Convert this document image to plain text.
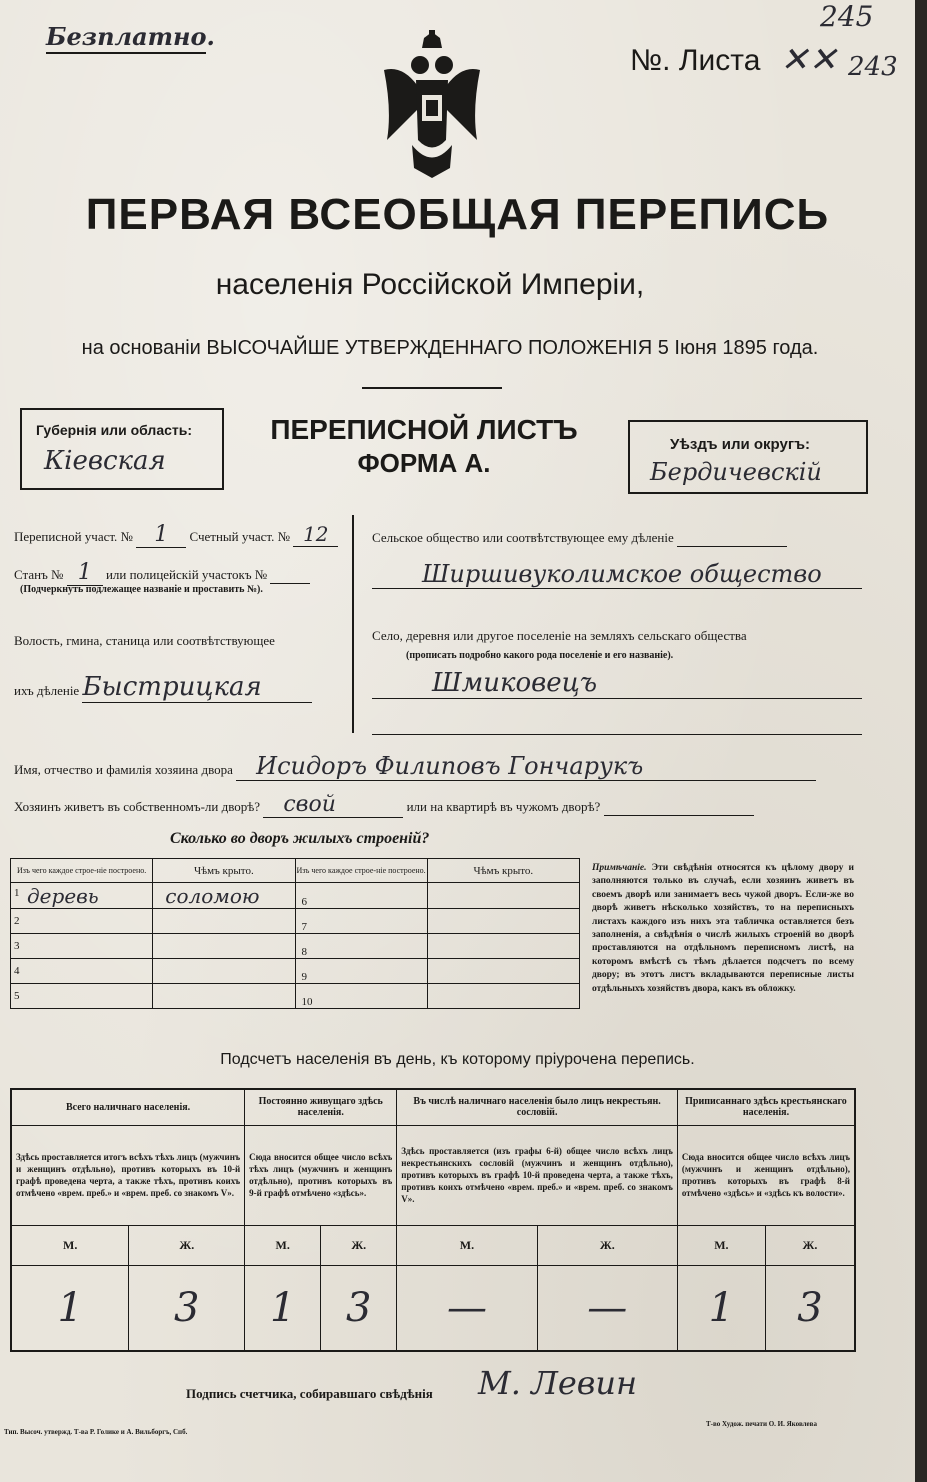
Безплатно.
№. Листа ✕✕
245
243
ПЕРВАЯ ВСЕОБЩАЯ ПЕРЕПИСЬ
населенія Россійской Имперіи,
на основаніи ВЫСОЧАЙШЕ УТВЕРЖДЕННАГО ПОЛОЖЕНІЯ 5 Іюня 1895 года.
Губернія или область:
Кіевская
ПЕРЕПИСНОЙ ЛИСТЪ
ФОРМА А.
Уѣздъ или округъ:
Бердичевскій
Переписной участ. № 1 Счетный участ. № 12
Станъ № 1 или полицейскій участокъ №
(Подчеркнуть подлежащее названіе и проставить №).
Волость, гмина, станица или соотвѣтствующее
ихъ дѣленіе Быстрицкая
Сельское общество или соотвѣтствующее ему дѣленіе
Ширшивуколимское общество
Село, деревня или другое поселеніе на земляхъ сельскаго общества
(прописать подробно какого рода поселеніе и его названіе).
Шмиковецъ
Имя, отчество и фамилія хозяина двора Исидоръ Филиповъ Гончарукъ
Хозяинъ живетъ въ собственномъ-ли дворѣ? свой	или на квартирѣ въ чужомъ дворѣ?
Сколько во дворъ жилыхъ строеній?
Изъ чего каждое строе-ніе построено.	Чѣмъ крыто.	Изъ чего каждое строе-ніе построено.	Чѣмъ крыто.

1 деревь	соломою	6	
2		7	
3		8	
4		9	
5		10	
Примѣчаніе. Эти свѣдѣнія относятся къ цѣлому двору и заполняются только въ случаѣ, если хозяинъ живетъ въ своемъ дворѣ или занимаетъ весь чужой дворъ. Если-же во дворѣ живетъ нѣсколько хозяйствъ, то на переписныхъ листахъ каждого изъ нихъ эта табличка оставляется безъ заполненія, а свѣдѣнія о числѣ жилыхъ строеній во дворѣ проставляются на отдѣльномъ переписномъ листѣ, на которомъ вмѣстѣ съ тѣмъ дѣлается подсчетъ по всему двору; въ этотъ листъ вкладываются переписные листы отдѣльныхъ хозяйствъ двора, какъ въ обложку.
Подсчетъ населенія въ день, къ которому пріурочена перепись.
Всего наличнаго населенія.		Постоянно живущаго здѣсь населенія.		Въ числѣ наличнаго населенія было лицъ некрестьян. сословій.		Приписаннаго здѣсь крестьянскаго населенія.	
Здѣсь проставляется итогъ всѣхъ тѣхъ лицъ (мужчинъ и женщинъ отдѣльно), противъ которыхъ въ 10-й графѣ проведена черта, а также тѣхъ, противъ коихъ отмѣчено «врем. преб.» и «врем. преб. со знакомъ V».		Сюда вносится общее число всѣхъ тѣхъ лицъ (мужчинъ и женщинъ отдѣльно), противъ которыхъ въ 9-й графѣ отмѣчено «здѣсь».		Здѣсь проставляется (изъ графы 6-й) общее число всѣхъ лицъ некрестьянскихъ сословій (мужчинъ и женщинъ отдѣльно), противъ которыхъ въ графѣ 10-й проведена черта, а также тѣхъ, противъ коихъ отмѣчено «врем. преб.» и «врем. преб. со знакомъ V».		Сюда вносится общее число всѣхъ лицъ (мужчинъ и женщинъ отдѣльно), противъ которыхъ въ графѣ 8-й отмѣчено «здѣсь» и «здѣсь къ волости».	
М.	Ж.	М.	Ж.	М.	Ж.	М.	Ж.
1	3	1	3	—	—	1	3
Подпись счетчика, собиравшаго свѣдѣнія М. Левин
Тип. Высоч. утвержд. Т-ва Р. Голике и А. Вильборгъ, Спб.
Т-во Худож. печати О. И. Яковлева
